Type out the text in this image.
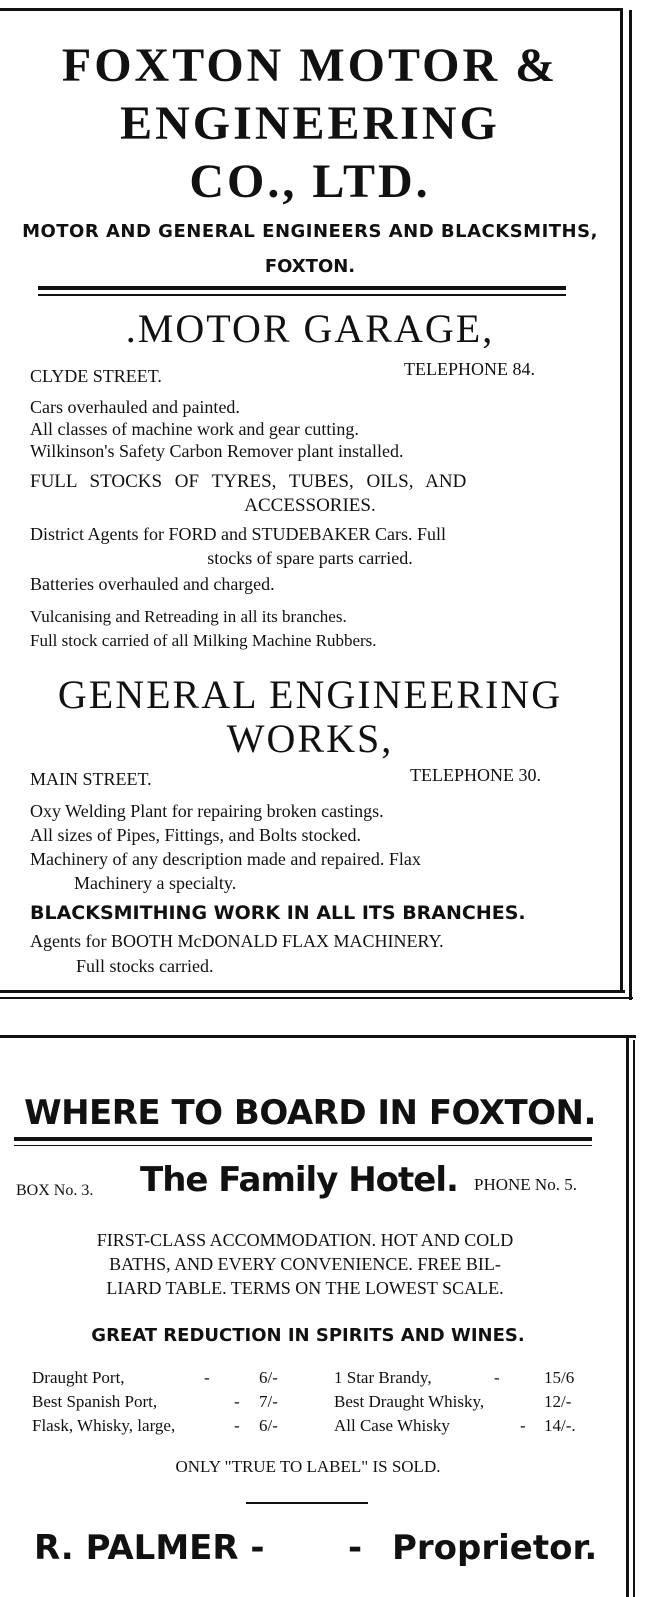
FOXTON MOTOR &
ENGINEERING
CO., LTD.
MOTOR AND GENERAL ENGINEERS AND BLACKSMITHS,
FOXTON.
.MOTOR GARAGE,
CLYDE STREET.	TELEPHONE 84.
Cars overhauled and painted.
All classes of machine work and gear cutting.
Wilkinson's Safety Carbon Remover plant installed.
FULL STOCKS OF TYRES, TUBES, OILS, AND
ACCESSORIES.
District Agents for FORD and STUDEBAKER Cars. Full
stocks of spare parts carried.
Batteries overhauled and charged.
Vulcanising and Retreading in all its branches.
Full stock carried of all Milking Machine Rubbers.
GENERAL ENGINEERING
WORKS,
MAIN STREET.	TELEPHONE 30.
Oxy Welding Plant for repairing broken castings.
All sizes of Pipes, Fittings, and Bolts stocked.
Machinery of any description made and repaired. Flax
Machinery a specialty.
BLACKSMITHING WORK IN ALL ITS BRANCHES.
Agents for BOOTH McDONALD FLAX MACHINERY.
Full stocks carried.
WHERE TO BOARD IN FOXTON.
BOX No. 3. The Family Hotel. PHONE No. 5.
FIRST-CLASS ACCOMMODATION. HOT AND COLD
BATHS, AND EVERY CONVENIENCE. FREE BIL-
LIARD TABLE. TERMS ON THE LOWEST SCALE.
GREAT REDUCTION IN SPIRITS AND WINES.
Draught Port,	-	6/-
Best Spanish Port,	-	7/-
Flask, Whisky, large,	-	6/-
1 Star Brandy,	-	15/6
Best Draught Whisky,	12/-
All Case Whisky	-	14/-.
ONLY "TRUE TO LABEL" IS SOLD.
R. PALMER - - Proprietor.
